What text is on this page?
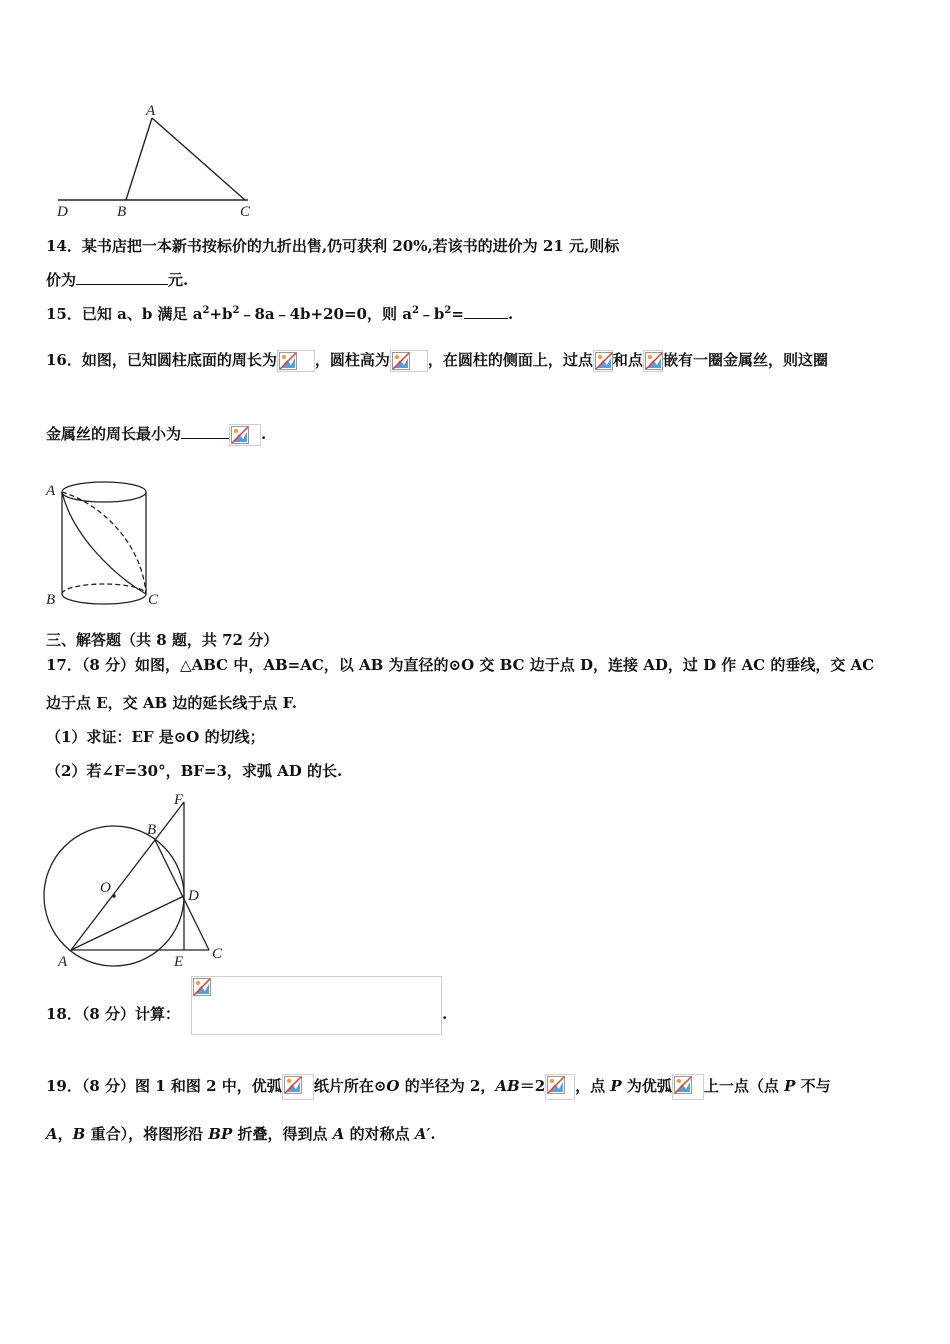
A
D	B	C
14．某书店把一本新书按标价的九折出售,仍可获利 20%,若该书的进价为 21 元,则标
价为	元.
15．已知 a、b 满足 $a^2+b^2﹣8a﹣4b+20=0$，则 $a^2﹣b^2=$	.
16．如图，已知圆柱底面的周长为	，圆柱高为	，在圆柱的侧面上，过点 和点 嵌有一圈金属丝，则这圈
金属丝的周长最小为	.
A
B	C
三、解答题（共 8 题，共 72 分）
17．（8 分）如图，△ABC 中，AB=AC，以 AB 为直径的⊙O 交 BC 边于点 D，连接 AD，过 D 作 AC 的垂线，交 AC
边于点 E，交 AB 边的延长线于点 F.
（1）求证：EF 是⊙O 的切线；
（2）若∠F=30°，BF=3，求弧 AD 的长.
F
B
O	D
A	E C
18．（8 分）计算：	.
19．（8 分）图 1 和图 2 中，优弧 纸片所在⊙O 的半径为 2，AB＝2 ，点 P 为优弧 上一点（点 P 不与
A，B 重合），将图形沿 BP 折叠，得到点 A 的对称点 A′.
